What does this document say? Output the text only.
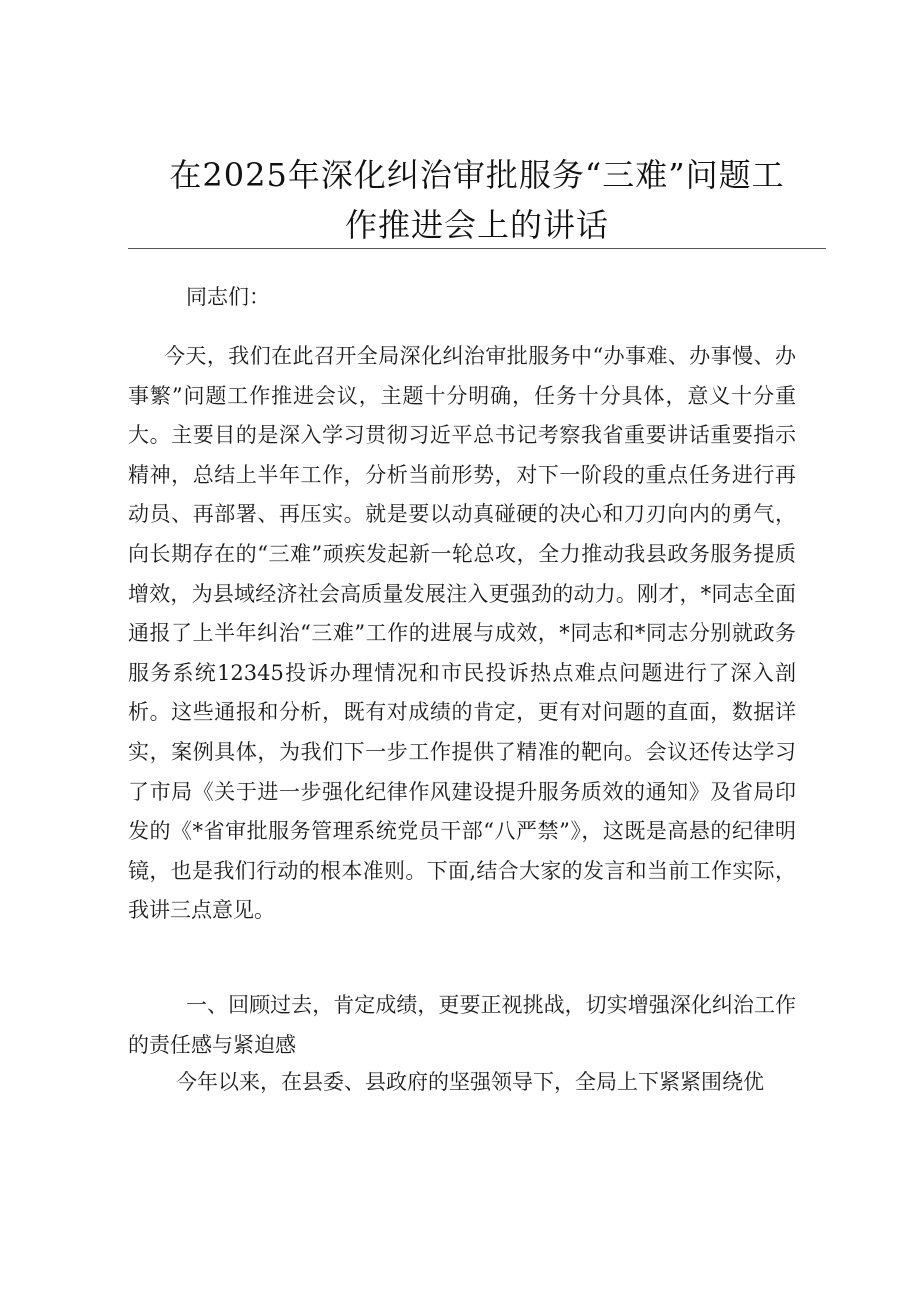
在2025年深化纠治审批服务“三难”问题工
作推进会上的讲话
同志们：
今天，我们在此召开全局深化纠治审批服务中“办事难、办事慢、办事繁”问题工作推进会议，主题十分明确，任务十分具体，意义十分重大。主要目的是深入学习贯彻习近平总书记考察我省重要讲话重要指示精神，总结上半年工作，分析当前形势，对下一阶段的重点任务进行再动员、再部署、再压实。就是要以动真碰硬的决心和刀刃向内的勇气，向长期存在的“三难”顽疾发起新一轮总攻，全力推动我县政务服务提质增效，为县域经济社会高质量发展注入更强劲的动力。刚才，*同志全面通报了上半年纠治“三难”工作的进展与成效，*同志和*同志分别就政务服务系统12345投诉办理情况和市民投诉热点难点问题进行了深入剖析。这些通报和分析，既有对成绩的肯定，更有对问题的直面，数据详实，案例具体，为我们下一步工作提供了精准的靶向。会议还传达学习了市局《关于进一步强化纪律作风建设提升服务质效的通知》及省局印发的《*省审批服务管理系统党员干部“八严禁”》，这既是高悬的纪律明镜，也是我们行动的根本准则。下面,结合大家的发言和当前工作实际，我讲三点意见。
一、回顾过去，肯定成绩，更要正视挑战，切实增强深化纠治工作的责任感与紧迫感
今年以来，在县委、县政府的坚强领导下，全局上下紧紧围绕优
